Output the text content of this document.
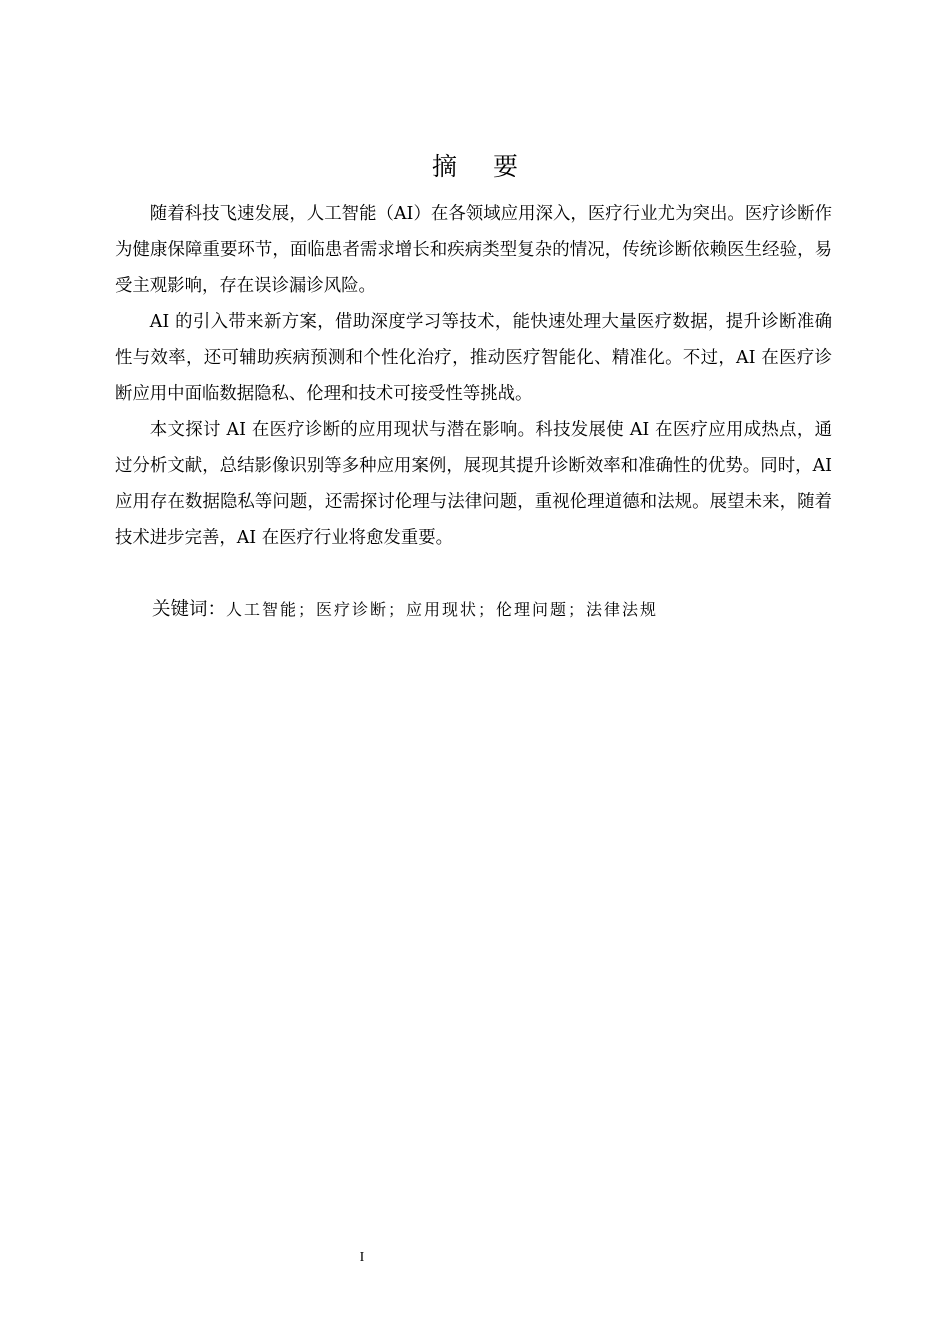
摘要

随着科技飞速发展，人工智能（AI）在各领域应用深入，医疗行业尤为突出。医疗诊断作为健康保障重要环节，面临患者需求增长和疾病类型复杂的情况，传统诊断依赖医生经验，易受主观影响，存在误诊漏诊风险。

AI 的引入带来新方案，借助深度学习等技术，能快速处理大量医疗数据，提升诊断准确性与效率，还可辅助疾病预测和个性化治疗，推动医疗智能化、精准化。不过，AI 在医疗诊断应用中面临数据隐私、伦理和技术可接受性等挑战。

本文探讨 AI 在医疗诊断的应用现状与潜在影响。科技发展使 AI 在医疗应用成热点，通过分析文献，总结影像识别等多种应用案例，展现其提升诊断效率和准确性的优势。同时，AI 应用存在数据隐私等问题，还需探讨伦理与法律问题，重视伦理道德和法规。展望未来，随着技术进步完善，AI 在医疗行业将愈发重要。

关键词：人工智能；医疗诊断；应用现状；伦理问题；法律法规
I
